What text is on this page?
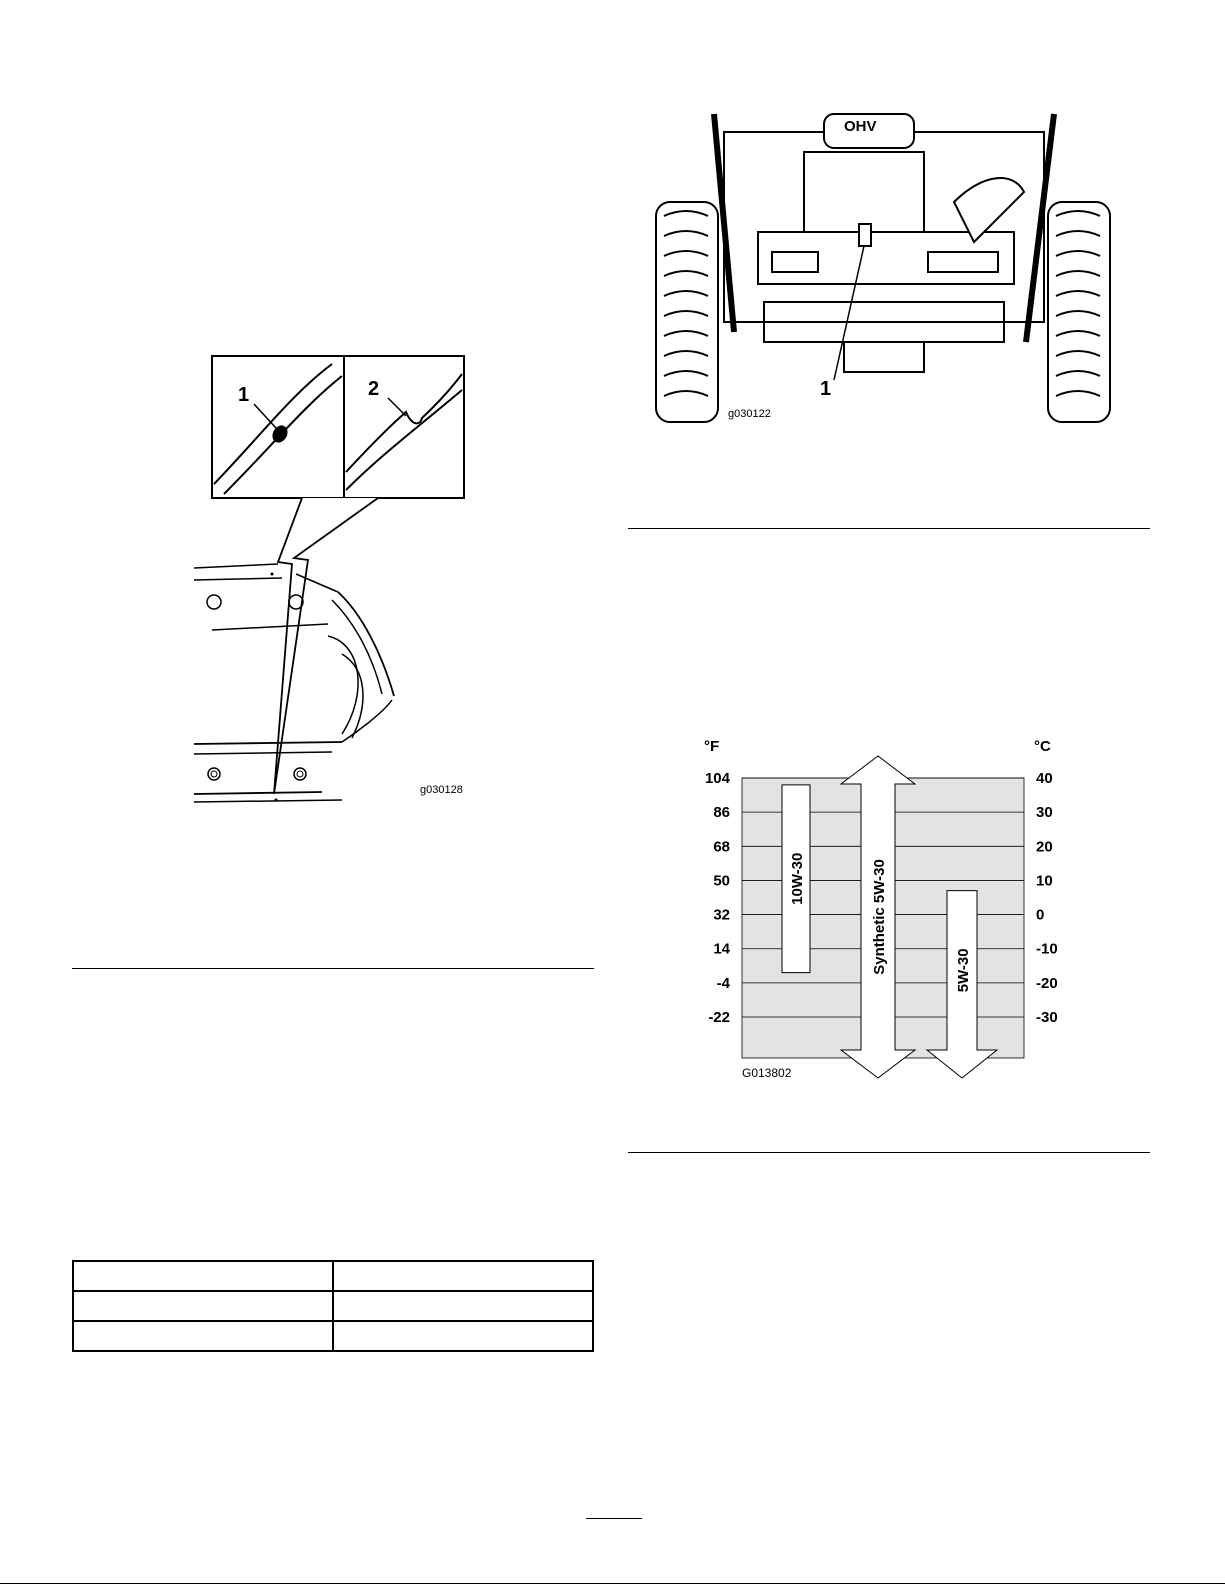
1	2
g030128
OHV
1
g030122

104
86
68
50
32
14
-4
-22
40
30
20
10
0
-10
-20
-30
10W-30	Synthetic 5W-30	5W-30
°F	°C
G013802
